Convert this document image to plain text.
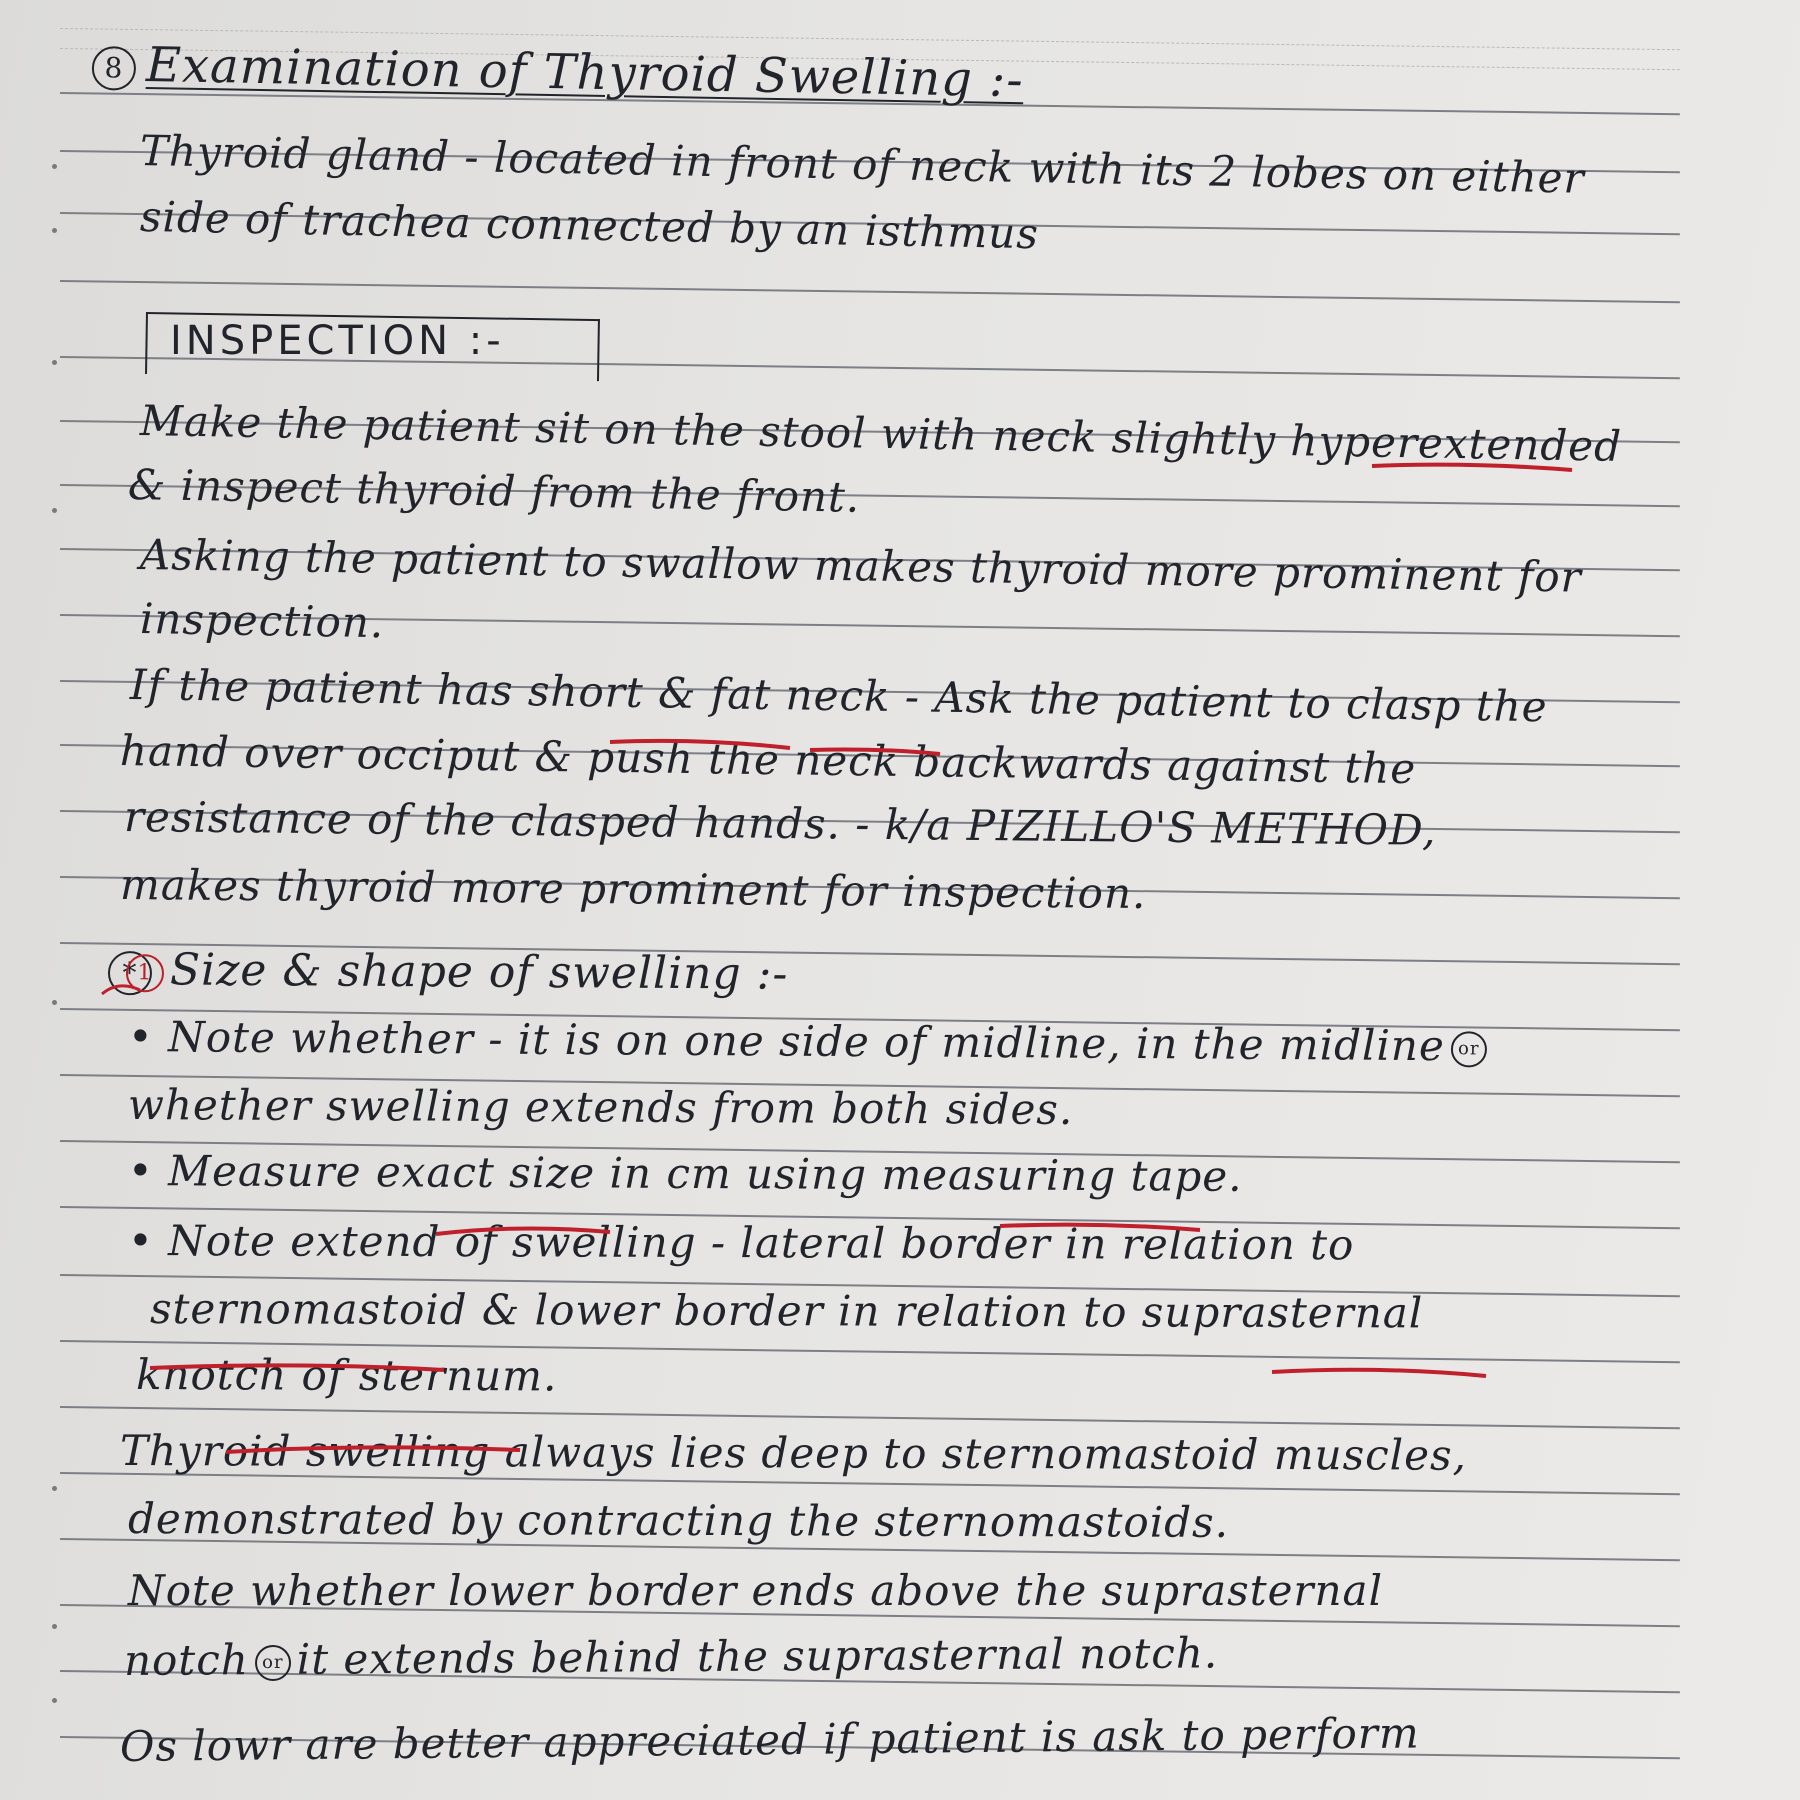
8 Examination of Thyroid Swelling :-
Thyroid gland - located in front of neck with its 2 lobes on either
side of trachea connected by an isthmus
INSPECTION :-
Make the patient sit on the stool with neck slightly hyperextended
& inspect thyroid from the front.
Asking the patient to swallow makes thyroid more prominent for
inspection.
If the patient has short & fat neck - Ask the patient to clasp the
hand over occiput & push the neck backwards against the
resistance of the clasped hands. - k/a PIZILLO'S METHOD,
makes thyroid more prominent for inspection.
*1 Size & shape of swelling :-
• Note whether - it is on one side of midline, in the midline or
whether swelling extends from both sides.
• Measure exact size in cm using measuring tape.
• Note extend of swelling - lateral border in relation to
sternomastoid & lower border in relation to suprasternal
knotch of sternum.
Thyroid swelling always lies deep to sternomastoid muscles,
demonstrated by contracting the sternomastoids.
Note whether lower border ends above the suprasternal
notch or it extends behind the suprasternal notch.
Os lowr are better appreciated if patient is ask to perform
